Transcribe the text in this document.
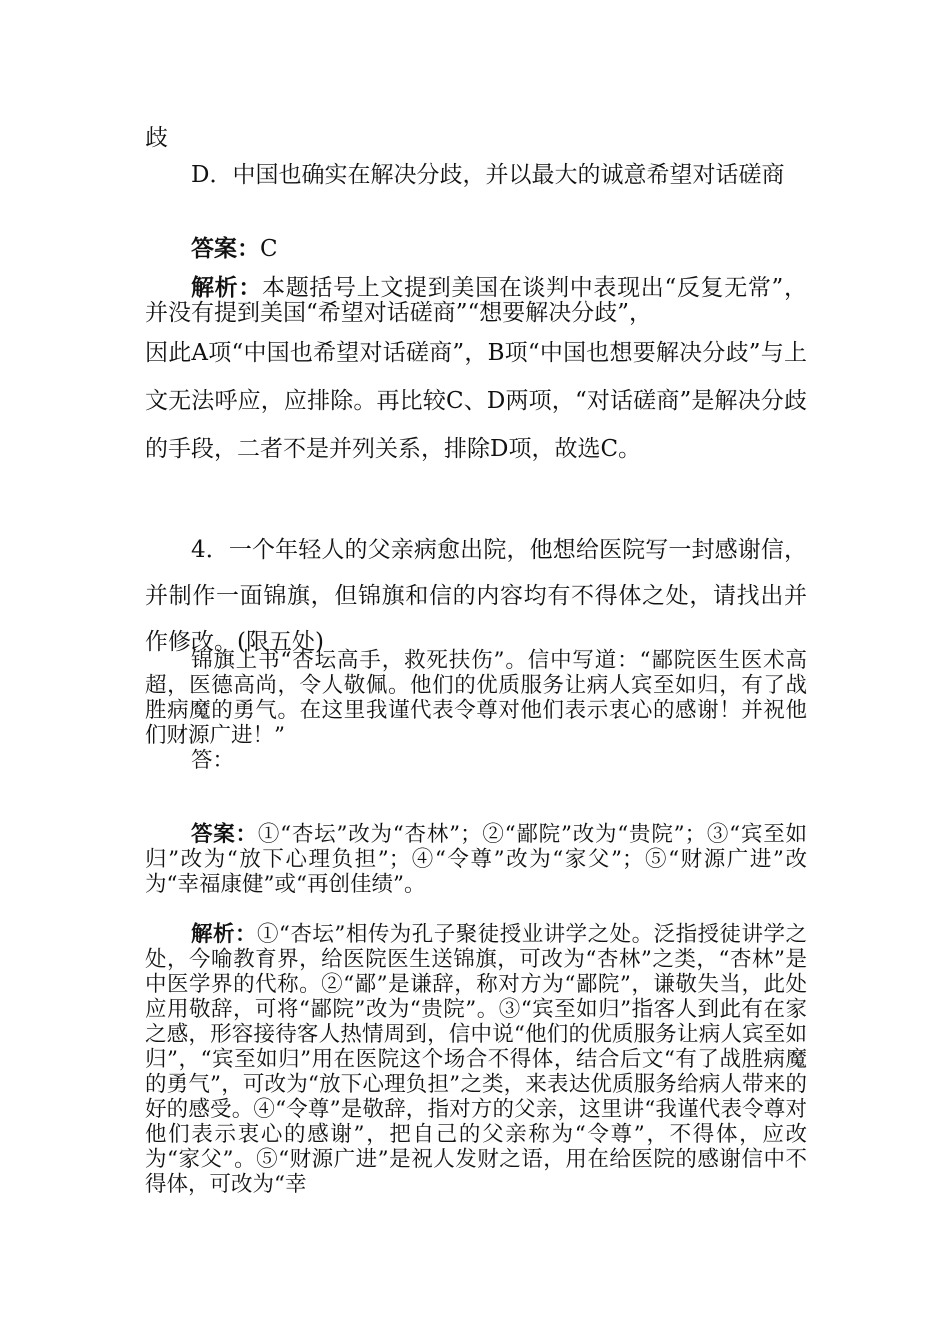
歧

D．中国也确实在解决分歧，并以最大的诚意希望对话磋商

答案：C

解析：本题括号上文提到美国在谈判中表现出“反复无常”，并没有提到美国“希望对话磋商”“想要解决分歧”，

因此A项“中国也希望对话磋商”，B项“中国也想要解决分歧”与上文无法呼应，应排除。再比较C、D两项，“对话磋商”是解决分歧的手段，二者不是并列关系，排除D项，故选C。

4．一个年轻人的父亲病愈出院，他想给医院写一封感谢信，并制作一面锦旗，但锦旗和信的内容均有不得体之处，请找出并作修改。(限五处)

锦旗上书“杏坛高手，救死扶伤”。信中写道：“鄙院医生医术高超，医德高尚，令人敬佩。他们的优质服务让病人宾至如归，有了战胜病魔的勇气。在这里我谨代表令尊对他们表示衷心的感谢！并祝他们财源广进！”

答：

答案：①“杏坛”改为“杏林”；②“鄙院”改为“贵院”；③“宾至如归”改为“放下心理负担”；④“令尊”改为“家父”；⑤“财源广进”改为“幸福康健”或“再创佳绩”。

解析：①“杏坛”相传为孔子聚徒授业讲学之处。泛指授徒讲学之处，今喻教育界，给医院医生送锦旗，可改为“杏林”之类，“杏林”是中医学界的代称。②“鄙”是谦辞，称对方为“鄙院”，谦敬失当，此处应用敬辞，可将“鄙院”改为“贵院”。③“宾至如归”指客人到此有在家之感，形容接待客人热情周到，信中说“他们的优质服务让病人宾至如归”，“宾至如归”用在医院这个场合不得体，结合后文“有了战胜病魔的勇气”，可改为“放下心理负担”之类，来表达优质服务给病人带来的好的感受。④“令尊”是敬辞，指对方的父亲，这里讲“我谨代表令尊对他们表示衷心的感谢”，把自己的父亲称为“令尊”，不得体，应改为“家父”。⑤“财源广进”是祝人发财之语，用在给医院的感谢信中不得体，可改为“幸
